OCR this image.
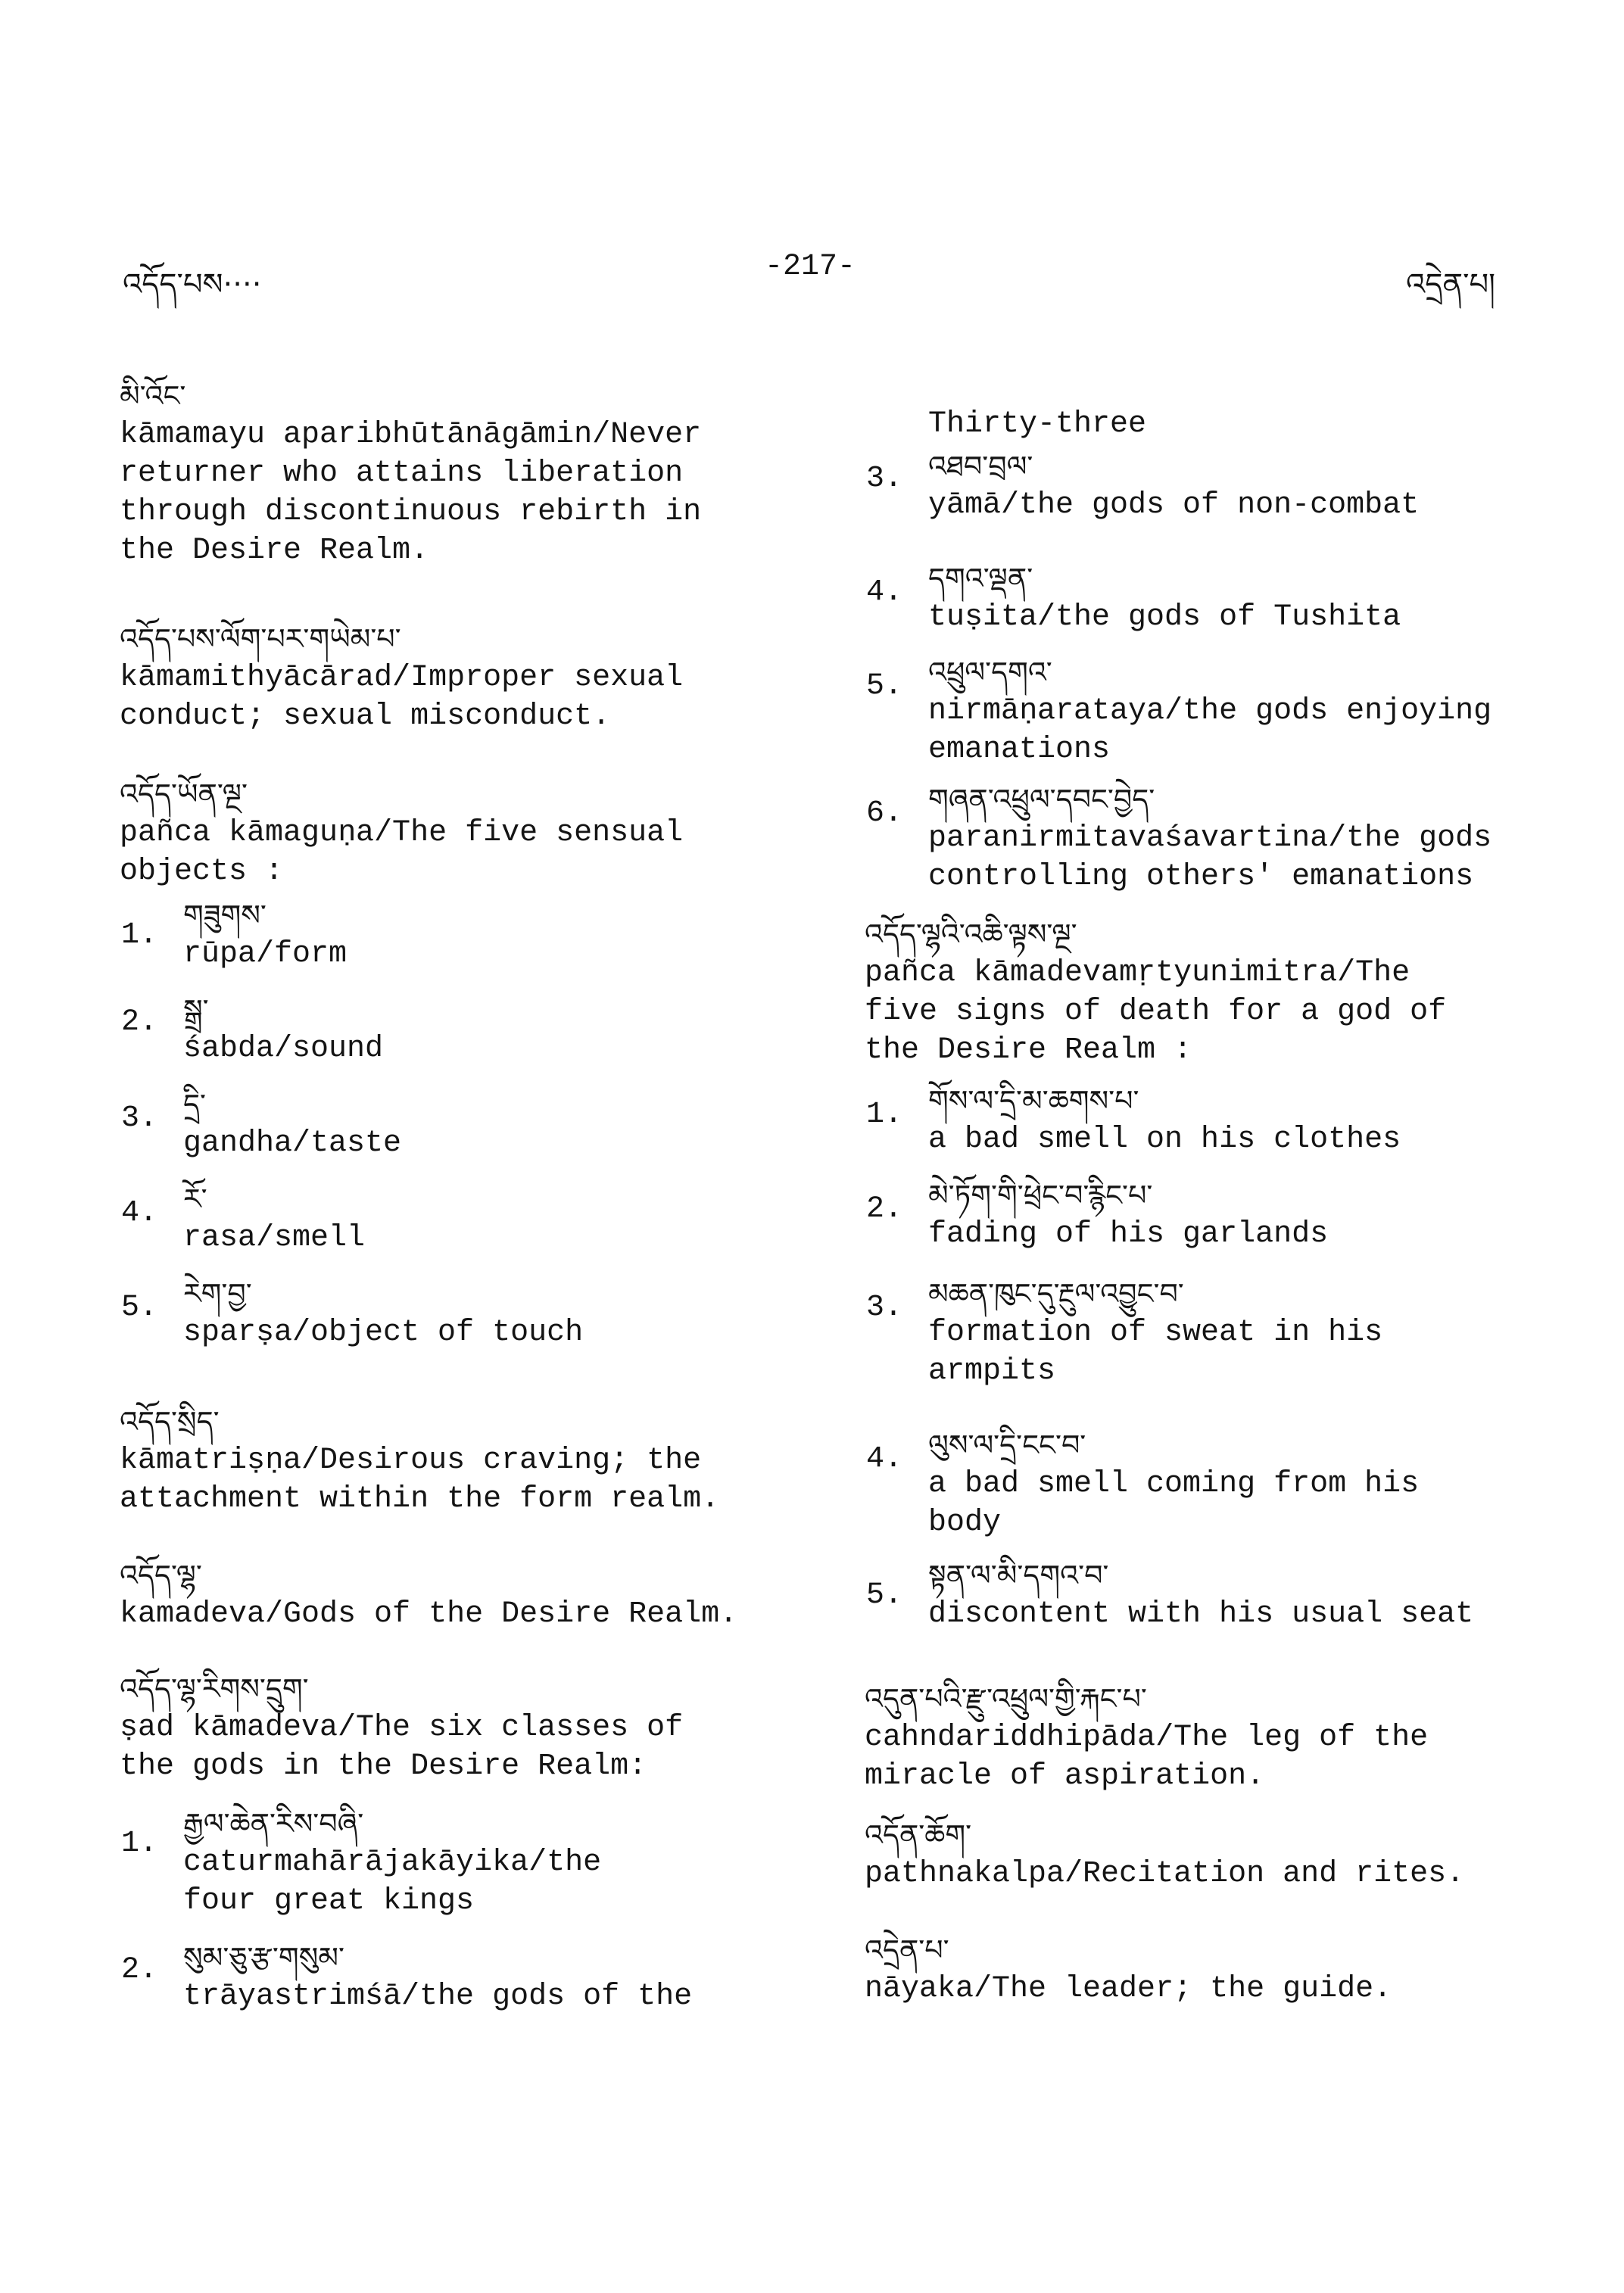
འདོད་པས····
-217-
འདྲེན་པ།
མི་འོང་
kāmamayu aparibhūtānāgāmin/Never
returner who attains liberation
through discontinuous rebirth in
the Desire Realm.
འདོད་པས་ལོག་པར་གཡེམ་པ་
kāmamithyācārad/Improper sexual
conduct; sexual misconduct.
འདོད་ཡོན་ལྔ་
pañca kāmaguṇa/The five sensual
objects :
1.
གཟུགས་
rūpa/form
2. སྒྲ་
śabda/sound
3. དྲི་
gandha/taste
4. རོ་
rasa/smell
5. རེག་བྱ་
sparṣa/object of touch
འདོད་སྲིད་
kāmatriṣṇa/Desirous craving; the
attachment within the form realm.
འདོད་ལྷ་
kamadeva/Gods of the Desire Realm.
འདོད་ལྷ་རིགས་དྲུག་
ṣad kāmadeva/The six classes of
the gods in the Desire Realm:
1.
རྒྱལ་ཆེན་རིས་བཞི་
caturmahārājakāyika/the
four great kings
2. སུམ་ཅུ་རྩ་གསུམ་
trāyastrimśā/the gods of the
Thirty-three
3. འཐབ་བྲལ་
yāmā/the gods of non-combat
4. དགའ་ལྡན་
tuṣita/the gods of Tushita
5. འཕྲུལ་དགའ་
nirmāṇarataya/the gods enjoying
emanations
6. གཞན་འཕྲུལ་དབང་བྱེད་
paranirmitavaśavartina/the gods
controlling others' emanations
འདོད་ལྷའི་འཆི་ལྟས་ལྔ་
pañca kāmadevamṛtyunimitra/The
five signs of death for a god of
the Desire Realm :
1. གོས་ལ་དྲི་མ་ཆགས་པ་
a bad smell on his clothes
2. མེ་ཏོག་གི་ཕྲེང་བ་རྙིང་པ་
fading of his garlands
3. མཆན་ཁུང་དུ་རྔུལ་འབྱུང་བ་
formation of sweat in his
armpits
4. ལུས་ལ་དྲི་ངང་བ་
a bad smell coming from his
body
5.
སྟན་ལ་མི་དགའ་བ་
discontent with his usual seat
འདུན་པའི་རྫུ་འཕྲུལ་གྱི་རྐང་པ་
cahndariddhipāda/The leg of the
miracle of aspiration.
འདོན་ཆོག་
pathnakalpa/Recitation and rites.
འདྲེན་པ་
nāyaka/The leader; the guide.
